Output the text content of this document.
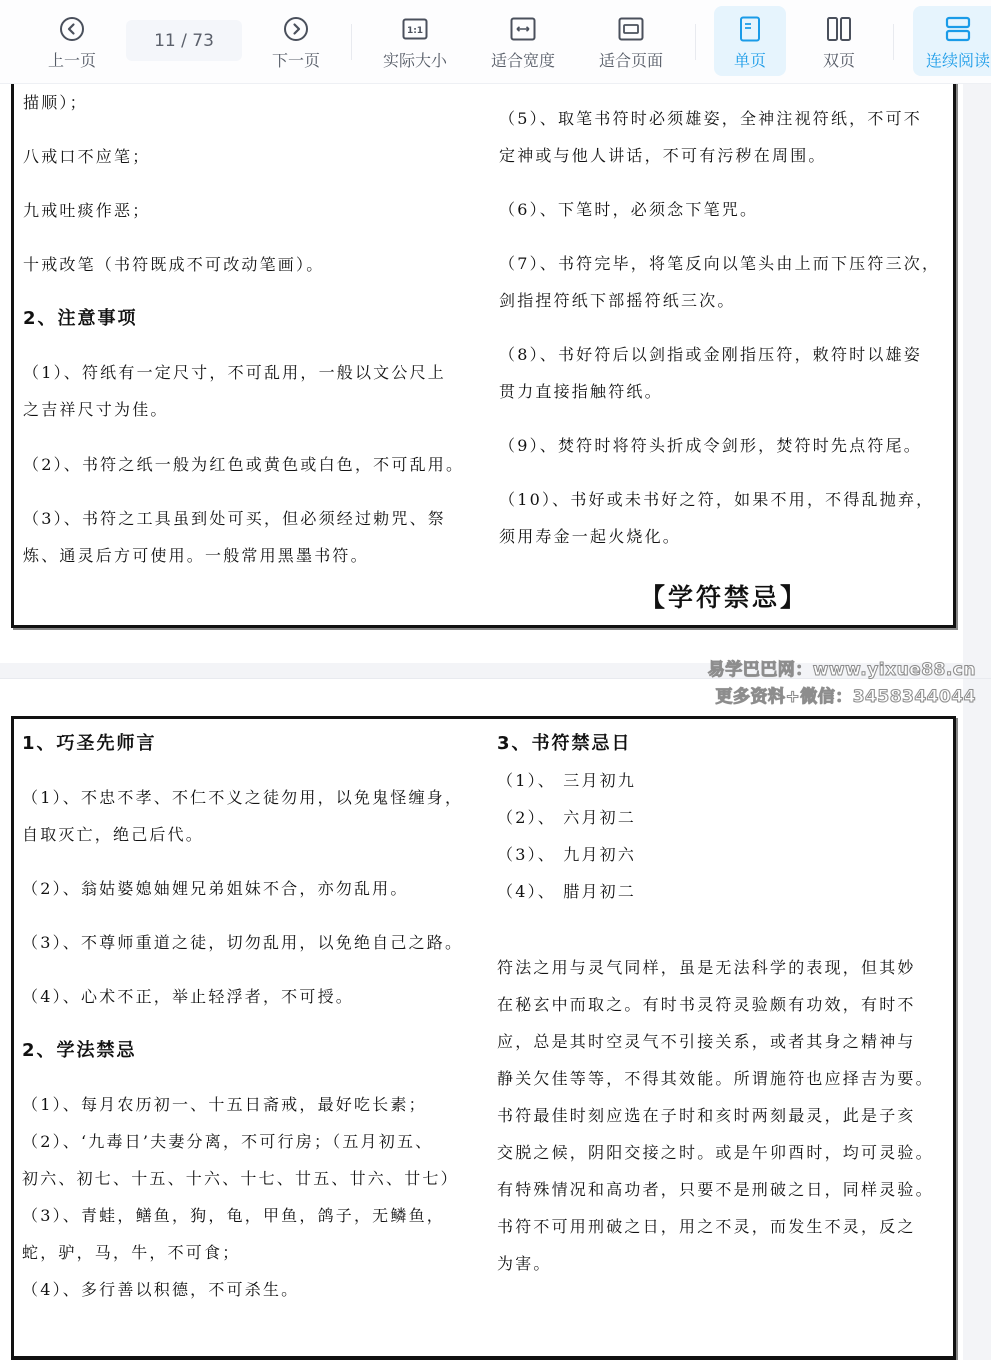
上一页
11 / 73
下一页
1:1
实际大小	适合宽度	适合页面	单页	双页	连续阅读

描顺）；

八戒口不应笔；

九戒吐痰作恶；

十戒改笔（书符既成不可改动笔画）。

2、注意事项

（1）、符纸有一定尺寸，不可乱用，一般以文公尺上

之吉祥尺寸为佳。

（2）、书符之纸一般为红色或黄色或白色，不可乱用。

（3）、书符之工具虽到处可买，但必须经过勅咒、祭

炼、通灵后方可使用。一般常用黑墨书符。

（5）、取笔书符时必须雄姿，全神注视符纸，不可不

定神或与他人讲话，不可有污秽在周围。

（6）、下笔时，必须念下笔咒。

（7）、书符完毕，将笔反向以笔头由上而下压符三次，

剑指捏符纸下部摇符纸三次。

（8）、书好符后以剑指或金刚指压符，敕符时以雄姿

贯力直接指触符纸。

（9）、焚符时将符头折成令剑形，焚符时先点符尾。

（10）、书好或未书好之符，如果不用，不得乱抛弃，

须用寿金一起火烧化。

【学符禁忌】
易学巴巴网：www.yixue88.cn
更多资料+微信：3458344044

1、巧圣先师言

（1）、不忠不孝、不仁不义之徒勿用，以免鬼怪缠身，

自取灭亡，绝己后代。

（2）、翁姑婆媳妯娌兄弟姐妹不合，亦勿乱用。

（3）、不尊师重道之徒，切勿乱用，以免绝自己之路。

（4）、心术不正，举止轻浮者，不可授。

2、学法禁忌

（1）、每月农历初一、十五日斋戒，最好吃长素；

（2）、‘九毒日’夫妻分离，不可行房；（五月初五、

初六、初七、十五、十六、十七、廿五、廿六、廿七）

（3）、青蛙，鳝鱼，狗，龟，甲鱼，鸽子，无鳞鱼，

蛇，驴，马，牛，不可食；

（4）、多行善以积德，不可杀生。

3、书符禁忌日

（1）、 三月初九

（2）、 六月初二

（3）、 九月初六

（4）、 腊月初二

符法之用与灵气同样，虽是无法科学的表现，但其妙

在秘玄中而取之。有时书灵符灵验颇有功效，有时不

应，总是其时空灵气不引接关系，或者其身之精神与

静关欠佳等等，不得其效能。所谓施符也应择吉为要。

书符最佳时刻应选在子时和亥时两刻最灵，此是子亥

交脱之候，阴阳交接之时。或是午卯酉时，均可灵验。

有特殊情况和高功者，只要不是刑破之日，同样灵验。

书符不可用刑破之日，用之不灵，而发生不灵，反之

为害。
